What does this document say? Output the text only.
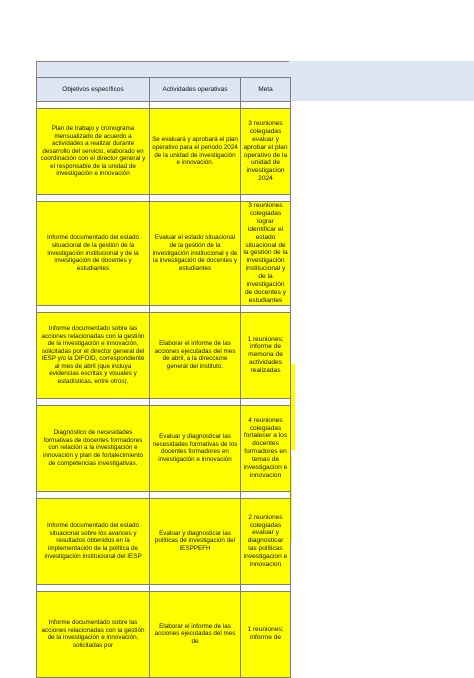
Objetivos específicos	Actividades operativas	Meta

Plan de trabajo y cronograma mensualizado de acuerdo a actividades a realizar durante desarrollo del servicio, elaborado en coordinación con el director general y el responsable de la unidad de investigación e innovación	Se evaluará y aprobará el plan operativo para el periodo 2024 de la unidad de investigación e innovación.	3 reuniones colegiadas evaluar y aprobar el plan operativo de la unidad de investigacion 2024

Informe documentado del estado situacional de la gestión de la investigación institucional y de la investigación de docentes y estudiantes	Evaluar el estado situacional de la gestión de la investigación institucional y de la investigación de docentes y estudiantes	3 reuniones colegiadas lograr identificar el estado situacional de la gestión de la investigación institucional y de la investigación de docentes y estudiantes

Informe documentado sobre las acciones relacionadas con la gestión de la investigación e innovación, solicitadas por el director general del IESP y/o la DIFOID, correspondiente al mes de abril (que incluya evidencias escritas y visuales y estadísticas, entre otros).	Elaborar el informe de las acciones ejecutadas del mes de abril, a la direccione general del instituto.	1 reuniones; informe de memoria de actividades realizadas

Diagnóstico de necesidades formativas de docentes formadores con relación a la investigación e innovación y plan de fortalecimiento de competencias investigativas.	Evaluar y diagnosticar las necesidades formativas de los docentes formadores en investigación e innovación	4 reuniones colegiadas fortalecer a los docentes formadores en temas de investigacion e innovacion

Informe documentado del estado situacional sobre los avances y resultados obtenidos en la implementación de la política de investigación institucional del IESP	Evaluar y diagnosticar las políticas de investigación del IESPPEFH	2 reuniones colegiadas evaluar y diagnosticar las políticas investigacion e innovacion

Informe documentado sobre las acciones relacionadas con la gestión de la investigación e innovación, solicitadas por	Elaborar el informe de las acciones ejecutadas del mes de	1 reuniones; informe de
